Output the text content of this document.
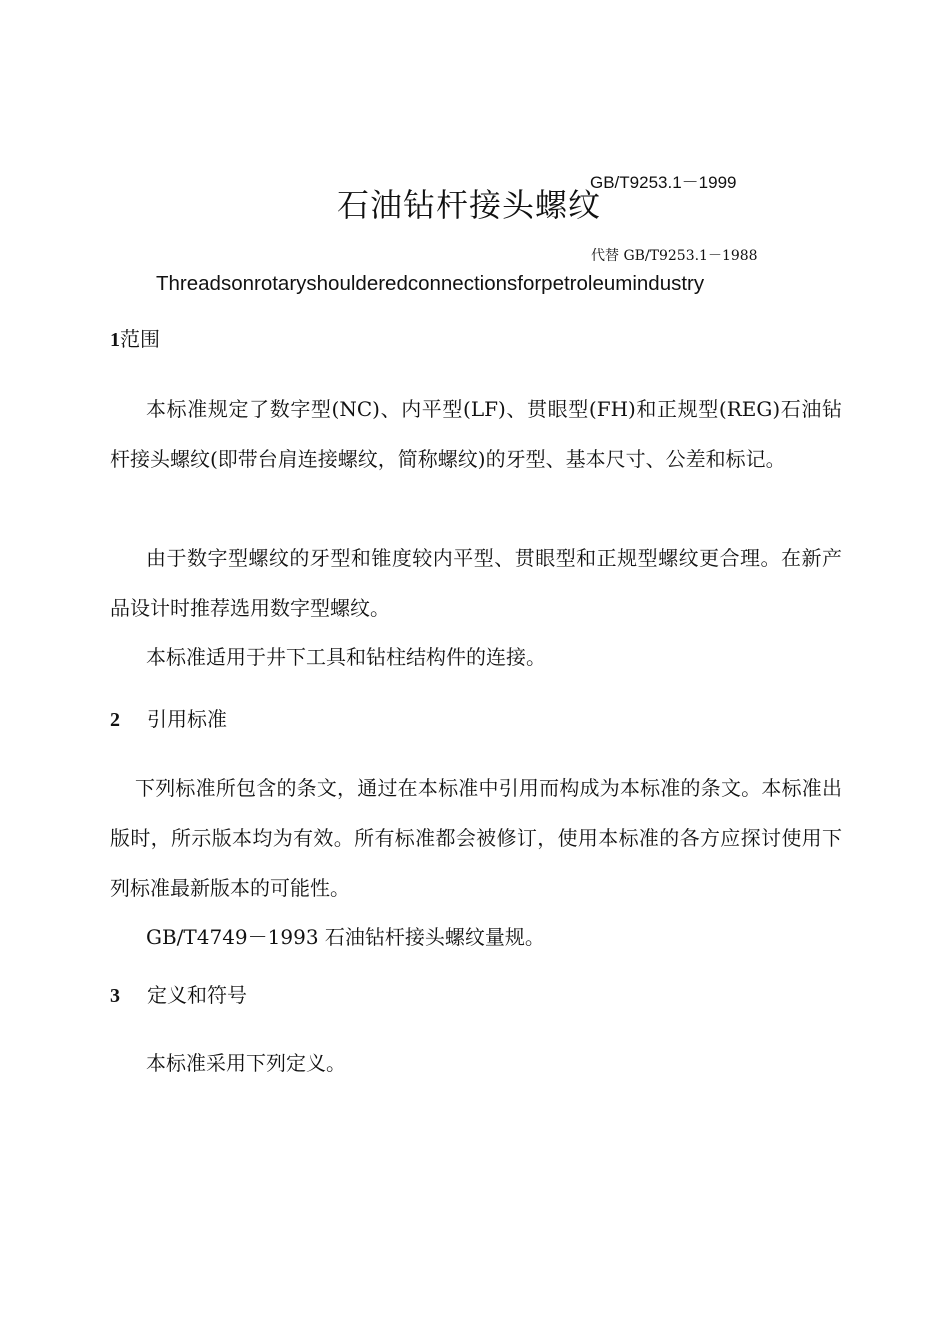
GB/T9253.1－1999
石油钻杆接头螺纹
代替 GB/T9253.1－1988
Threadsonrotaryshoulderedconnectionsforpetroleumindustry
1范围

本标准规定了数字型(NC)、内平型(LF)、贯眼型(FH)和正规型(REG)石油钻杆接头螺纹(即带台肩连接螺纹，简称螺纹)的牙型、基本尺寸、公差和标记。

由于数字型螺纹的牙型和锥度较内平型、贯眼型和正规型螺纹更合理。在新产品设计时推荐选用数字型螺纹。

本标准适用于井下工具和钻柱结构件的连接。

2 引用标准

下列标准所包含的条文，通过在本标准中引用而构成为本标准的条文。本标准出版时，所示版本均为有效。所有标准都会被修订，使用本标准的各方应探讨使用下列标准最新版本的可能性。

GB/T4749－1993 石油钻杆接头螺纹量规。

3 定义和符号

本标准采用下列定义。
